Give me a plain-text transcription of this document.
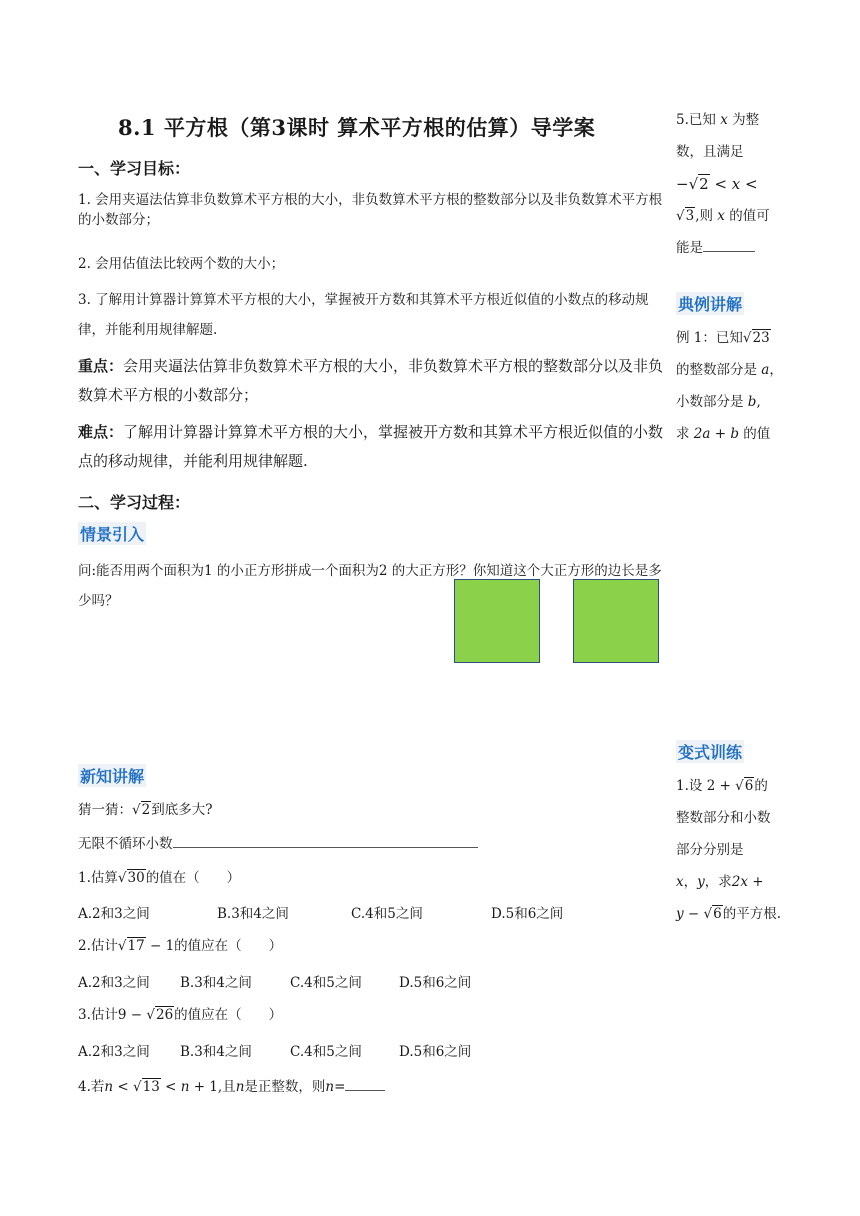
8.1 平方根（第3课时 算术平方根的估算）导学案
一、学习目标：
1. 会用夹逼法估算非负数算术平方根的大小，非负数算术平方根的整数部分以及非负数算术平方根的小数部分；
2. 会用估值法比较两个数的大小；
3. 了解用计算器计算算术平方根的大小，掌握被开方数和其算术平方根近似值的小数点的移动规律，并能利用规律解题.
重点：会用夹逼法估算非负数算术平方根的大小，非负数算术平方根的整数部分以及非负数算术平方根的小数部分；
难点：了解用计算器计算算术平方根的大小，掌握被开方数和其算术平方根近似值的小数点的移动规律，并能利用规律解题.
二、学习过程：
情景引入
问:能否用两个面积为1 的小正方形拼成一个面积为2 的大正方形？你知道这个大正方形的边长是多少吗？
新知讲解
猜一猜：√2到底多大?
无限不循环小数
1.估算√30的值在（　　）
A.2和3之间	B.3和4之间	C.4和5之间	D.5和6之间
2.估计√17 − 1的值应在（　　）
A.2和3之间 B.3和4之间	C.4和5之间	D.5和6之间
3.估计9 − √26的值应在（　　）
A.2和3之间 B.3和4之间	C.4和5之间	D.5和6之间
4.若n < √13 < n + 1,且n是正整数，则n=
5.已知 x 为整
数，且满足
−√2 < x <
√3,则 x 的值可
能是
典例讲解
例 1：已知√23
的整数部分是 a，
小数部分是 b,
求 2a + b 的值
变式训练
1.设 2 + √6的
整数部分和小数
部分分别是
x，y，求2x +
y − √6的平方根.
